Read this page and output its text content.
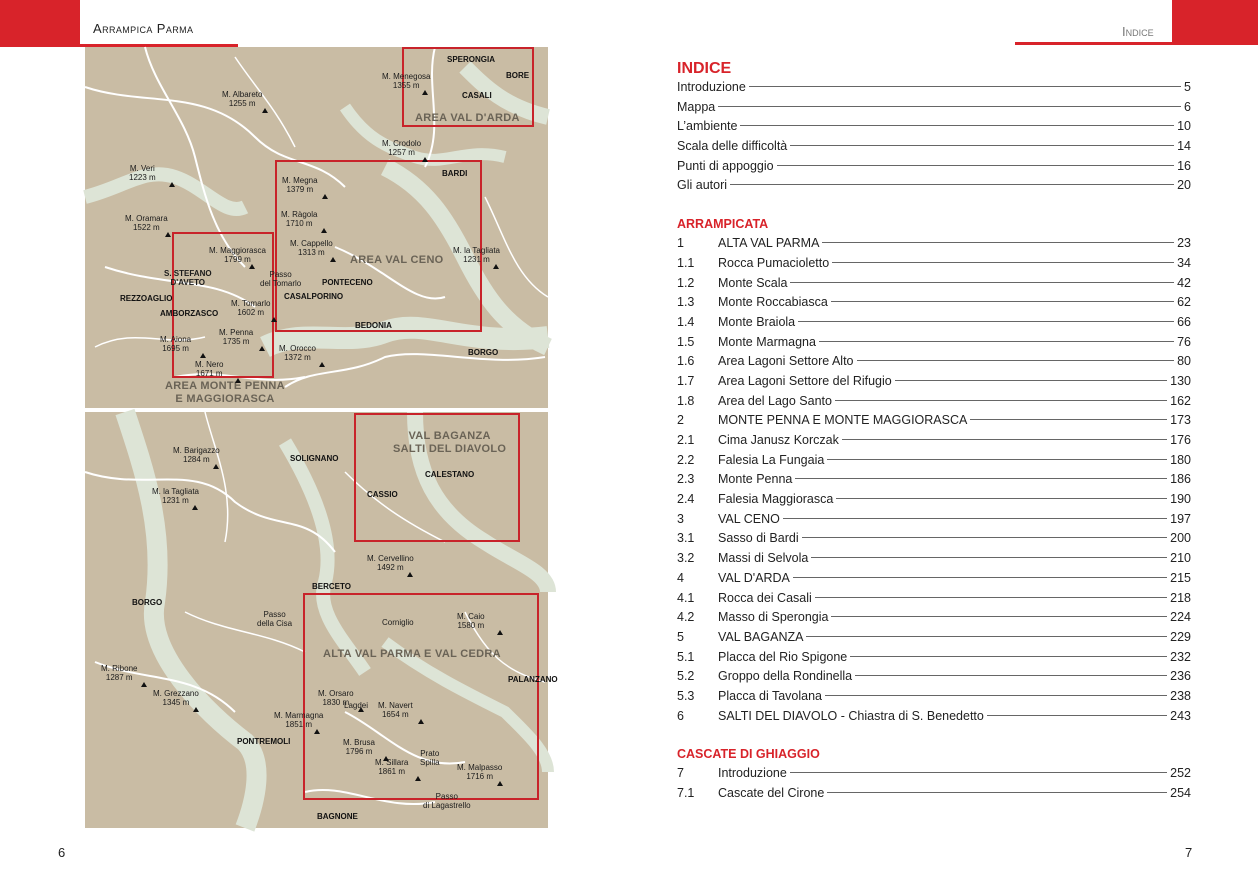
Arrampica Parma	Indice
AREA VAL D'ARDA
AREA VAL CENO
AREA MONTE PENNA
E MAGGIORASCA
SPERONGIA
BORE
CASALI
BARDI
PONTECENO
CASALPORINO
BEDONIA
BORGO
S. STEFANO
D'AVETO
REZZOAGLIO
AMBORZASCO
M. Menegosa
1355 m
M. Albareto
1255 m
M. Crodolo
1257 m
M. Veri
1223 m	M. Megna
1379 m
M. Oramara
1522 m
M. Ràgola
1710 m
M. Cappello
1313 m	M. la Tagliata
1231 m
M. Maggiorasca
1799 m
Passo
del Tomarlo
M. Tomarlo
1602 m
M. Penna
1735 m
M. Aiona
1695 m
M. Nero
1671 m
M. Orocco
1372 m
VAL BAGANZA
SALTI DEL DIAVOLO
ALTA VAL PARMA E VAL CEDRA
SOLIGNANO
CALESTANO
CASSIO
BERCETO
BORGO
PALANZANO
PONTREMOLI
BAGNONE
M. Barigazzo
1284 m
M. la Tagliata
1231 m
M. Cervellino
1492 m
Passo
della Cisa	Corniglio
M. Caio
1580 m
M. Ribone
1287 m
M. Grezzano
1345 m
M. Orsaro
1830 m
Lagdei M. Navert
1654 m
M. Marmagna
1851 m
M. Brusa
1796 m	Prato
Spilla
M. Sillara
1861 m	M. Malpasso
1716 m
Passo
di Lagastrello
6	7
INDICE
Introduzione	5
Mappa	6
L’ambiente	10
Scala delle difficoltà	14
Punti di appoggio	16
Gli autori	20
ARRAMPICATA
1	ALTA VAL PARMA	23
1.1	Rocca Pumacioletto	34
1.2	Monte Scala	42
1.3	Monte Roccabiasca	62
1.4	Monte Braiola	66
1.5	Monte Marmagna	76
1.6	Area Lagoni Settore Alto	80
1.7	Area Lagoni Settore del Rifugio	130
1.8	Area del Lago Santo	162
2	MONTE PENNA E MONTE MAGGIORASCA	173
2.1	Cima Janusz Korczak	176
2.2	Falesia La Fungaia	180
2.3	Monte Penna	186
2.4	Falesia Maggiorasca	190
3	VAL CENO	197
3.1	Sasso di Bardi	200
3.2	Massi di Selvola	210
4	VAL D'ARDA	215
4.1	Rocca dei Casali	218
4.2	Masso di Sperongia	224
5	VAL BAGANZA	229
5.1	Placca del Rio Spigone	232
5.2	Groppo della Rondinella	236
5.3	Placca di Tavolana	238
6	SALTI DEL DIAVOLO - Chiastra di S. Benedetto	243
CASCATE DI GHIAGGIO
7	Introduzione	252
7.1	Cascate del Cirone	254
